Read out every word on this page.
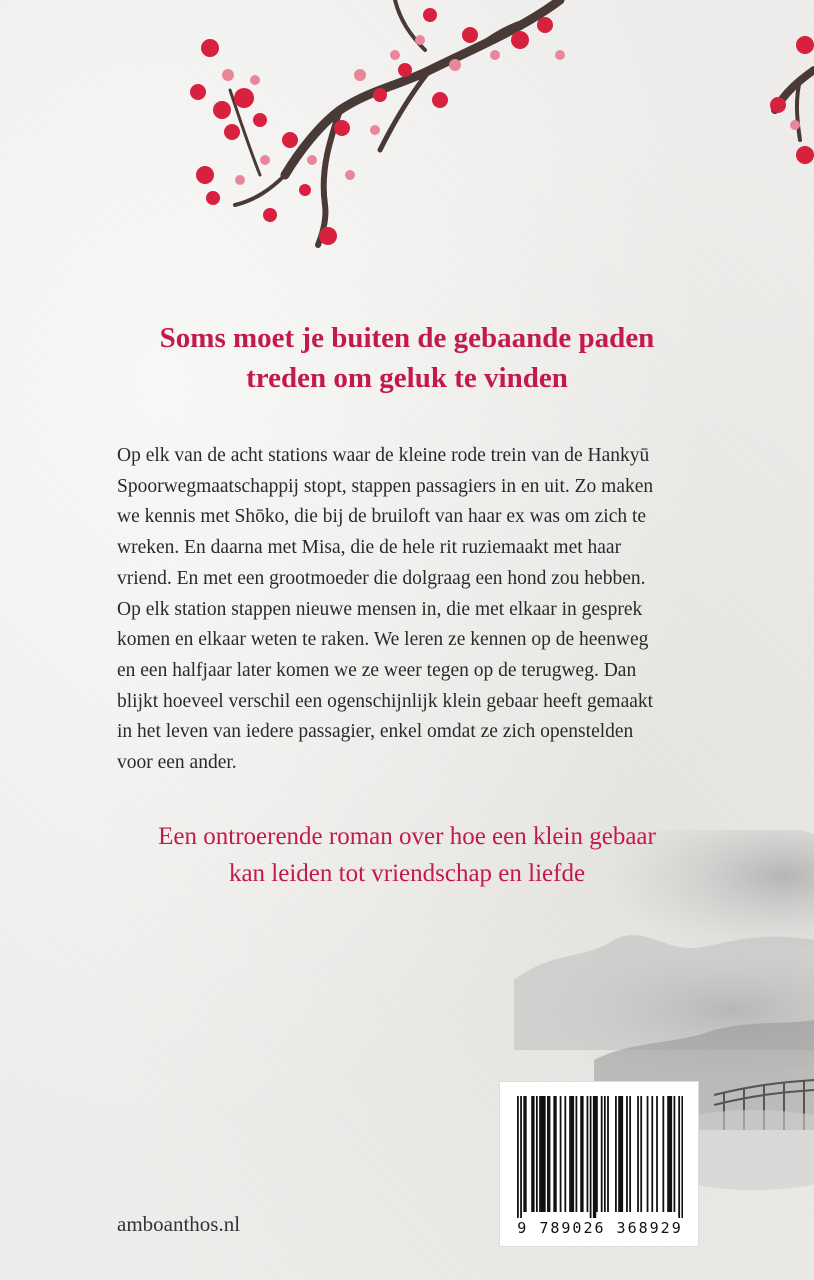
Soms moet je buiten de gebaande paden
treden om geluk te vinden

Op elk van de acht stations waar de kleine rode trein van de Hankyū
Spoorwegmaatschappij stopt, stappen passagiers in en uit. Zo maken
we kennis met Shōko, die bij de bruiloft van haar ex was om zich te
wreken. En daarna met Misa, die de hele rit ruziemaakt met haar
vriend. En met een grootmoeder die dolgraag een hond zou hebben.
Op elk station stappen nieuwe mensen in, die met elkaar in gesprek
komen en elkaar weten te raken. We leren ze kennen op de heenweg
en een halfjaar later komen we ze weer tegen op de terugweg. Dan
blijkt hoeveel verschil een ogenschijnlijk klein gebaar heeft gemaakt
in het leven van iedere passagier, enkel omdat ze zich openstelden
voor een ander.
Een ontroerende roman over hoe een klein gebaar
kan leiden tot vriendschap en liefde
amboanthos.nl	9 789026 368929
